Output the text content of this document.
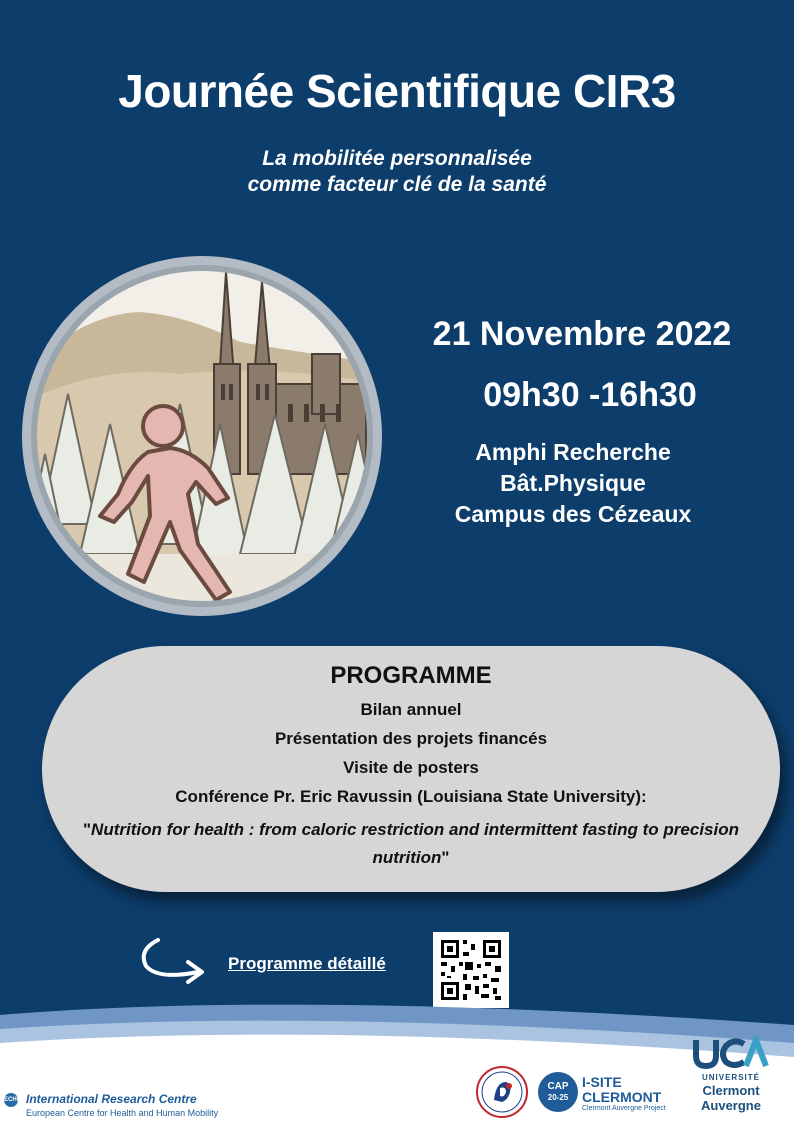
Journée Scientifique CIR3
La mobilitée personnalisée
comme facteur clé de la santé
21 Novembre 2022
09h30 -16h30
Amphi Recherche
Bât.Physique
Campus des Cézeaux
PROGRAMME
Bilan annuel
Présentation des projets financés
Visite de posters
Conférence Pr. Eric Ravussin (Louisiana State University):
"Nutrition for health : from caloric restriction and intermittent fasting to precision nutrition"
Programme détaillé
ECHM International Research Centre
European Centre for Health and Human Mobility
CAP
20-25
I-SITE
CLERMONT
Clermont Auvergne Project
UNIVERSITÉ
Clermont
Auvergne
